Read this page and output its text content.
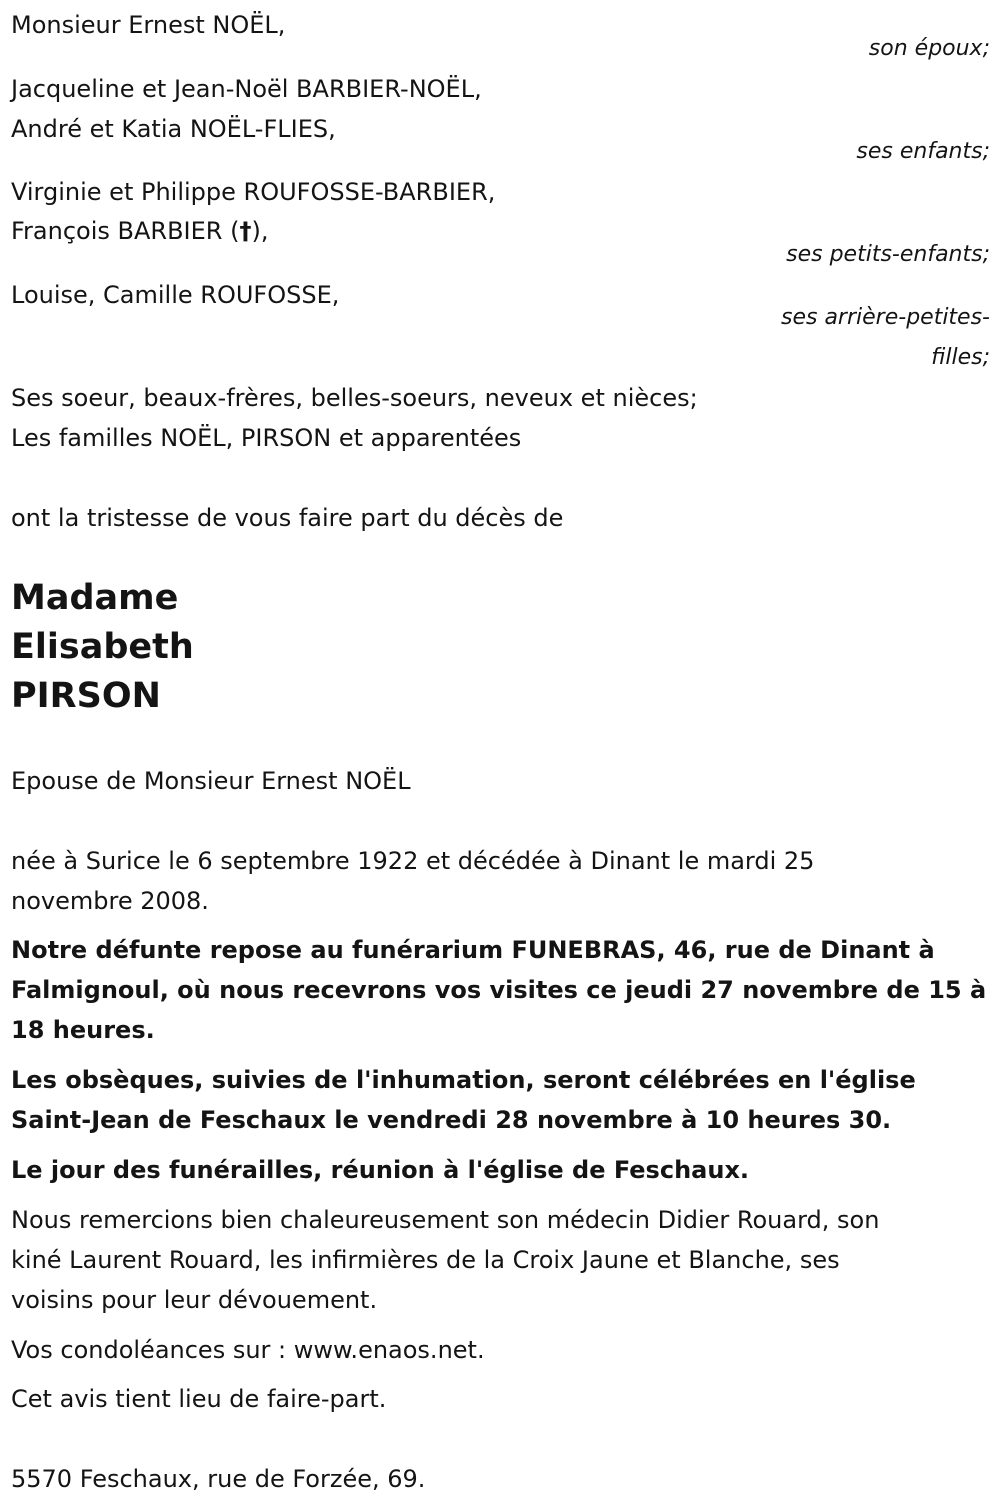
Monsieur Ernest NOËL,

son époux;

Jacqueline et Jean-Noël BARBIER-NOËL,

André et Katia NOËL-FLIES,

ses enfants;

Virginie et Philippe ROUFOSSE-BARBIER,

François BARBIER (†),

ses petits-enfants;

Louise, Camille ROUFOSSE,

ses arrière-petites-

filles;

Ses soeur, beaux-frères, belles-soeurs, neveux et nièces;

Les familles NOËL, PIRSON et apparentées

ont la tristesse de vous faire part du décès de

Madame

Elisabeth

PIRSON

Epouse de Monsieur Ernest NOËL

née à Surice le 6 septembre 1922 et décédée à Dinant le mardi 25

novembre 2008.

Notre défunte repose au funérarium FUNEBRAS, 46, rue de Dinant à

Falmignoul, où nous recevrons vos visites ce jeudi 27 novembre de 15 à

18 heures.

Les obsèques, suivies de l'inhumation, seront célébrées en l'église

Saint-Jean de Feschaux le vendredi 28 novembre à 10 heures 30.

Le jour des funérailles, réunion à l'église de Feschaux.

Nous remercions bien chaleureusement son médecin Didier Rouard, son

kiné Laurent Rouard, les infirmières de la Croix Jaune et Blanche, ses

voisins pour leur dévouement.

Vos condoléances sur : www.enaos.net.

Cet avis tient lieu de faire-part.

5570 Feschaux, rue de Forzée, 69.
